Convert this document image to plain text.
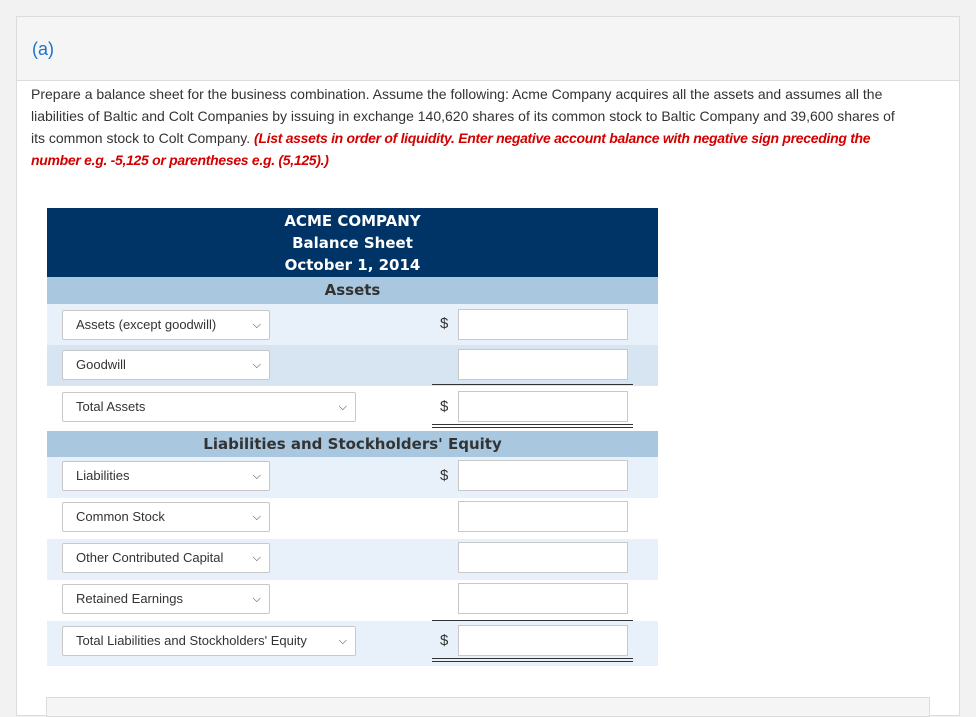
(a)
Prepare a balance sheet for the business combination. Assume the following: Acme Company acquires all the assets and assumes all the liabilities of Baltic and Colt Companies by issuing in exchange 140,620 shares of its common stock to Baltic Company and 39,600 shares of its common stock to Colt Company. (List assets in order of liquidity. Enter negative account balance with negative sign preceding the number e.g. -5,125 or parentheses e.g. (5,125).)
ACME COMPANY
Balance Sheet
October 1, 2014
Assets
Assets (except goodwill)	⌵	$
Goodwill	⌵
Total Assets	⌵	$
Liabilities and Stockholders' Equity
Liabilities	⌵	$
Common Stock	⌵
Other Contributed Capital	⌵
Retained Earnings	⌵
Total Liabilities and Stockholders' Equity	⌵	$
